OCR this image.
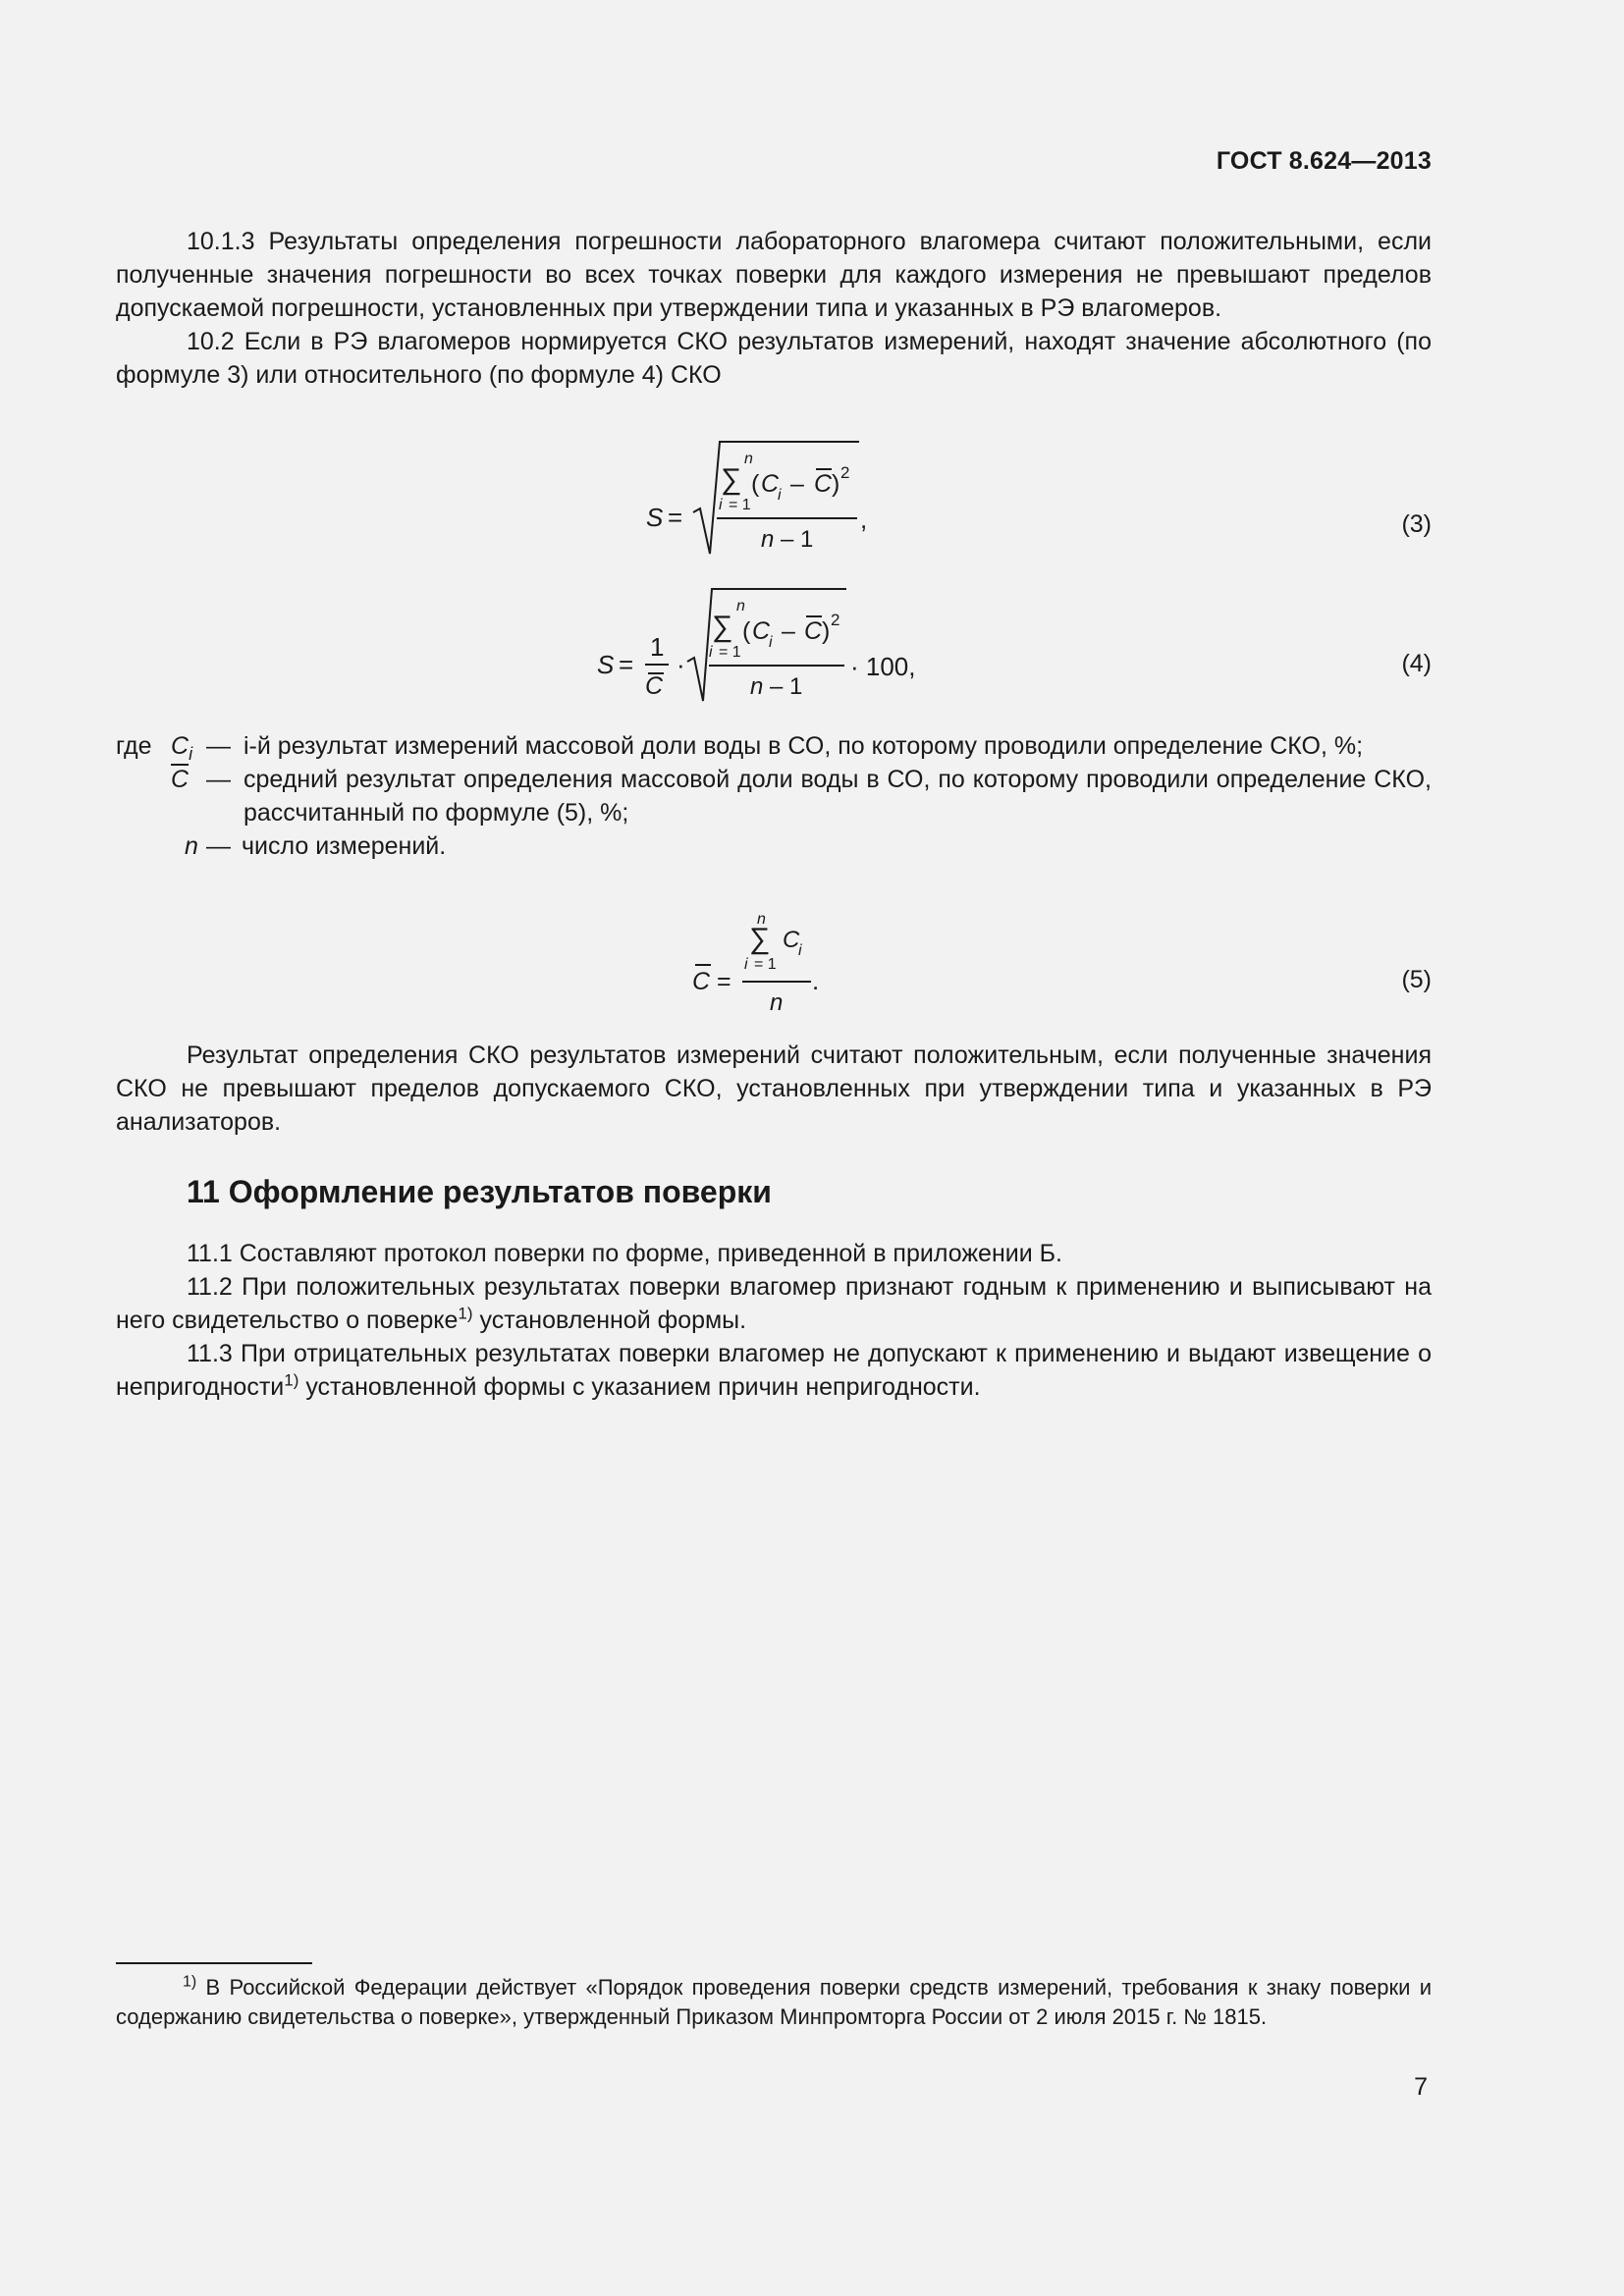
ГОСТ 8.624—2013

10.1.3 Результаты определения погрешности лабораторного влагомера считают положительными, если полученные значения погрешности во всех точках поверки для каждого измерения не превышают пределов допускаемой погрешности, установленных при утверждении типа и указанных в РЭ влагомеров.

10.2 Если в РЭ влагомеров нормируется СКО результатов измерений, находят значение абсолютного (по формуле 3) или относительного (по формуле 4) СКО

S =
n
∑
i = 1
( C
i – C ) 2
n – 1
,	(3)
S =
1
C
·
n
∑
i = 1
( C
i – C ) 2
n – 1
· 100,	(4)
где $C_i$ — i-й результат измерений массовой доли воды в СО, по которому проводили определение СКО, %;
$\overline{C}$ — средний результат определения массовой доли воды в СО, по которому проводили определение СКО, рассчитанный по формуле (5), %;
n — число измерений.
C =
n
∑ C
i
i = 1
n
.	(5)

Результат определения СКО результатов измерений считают положительным, если полученные значения СКО не превышают пределов допускаемого СКО, установленных при утверждении типа и указанных в РЭ анализаторов.

11 Оформление результатов поверки

11.1 Составляют протокол поверки по форме, приведенной в приложении Б.

11.2 При положительных результатах поверки влагомер признают годным к применению и выписывают на него свидетельство о поверке$^{1)}$ установленной формы.

11.3 При отрицательных результатах поверки влагомер не допускают к применению и выдают извещение о непригодности$^{1)}$ установленной формы с указанием причин непригодности.

$^{1)}$ В Российской Федерации действует «Порядок проведения поверки средств измерений, требования к знаку поверки и содержанию свидетельства о поверке», утвержденный Приказом Минпромторга России от 2 июля 2015 г. № 1815.

7
